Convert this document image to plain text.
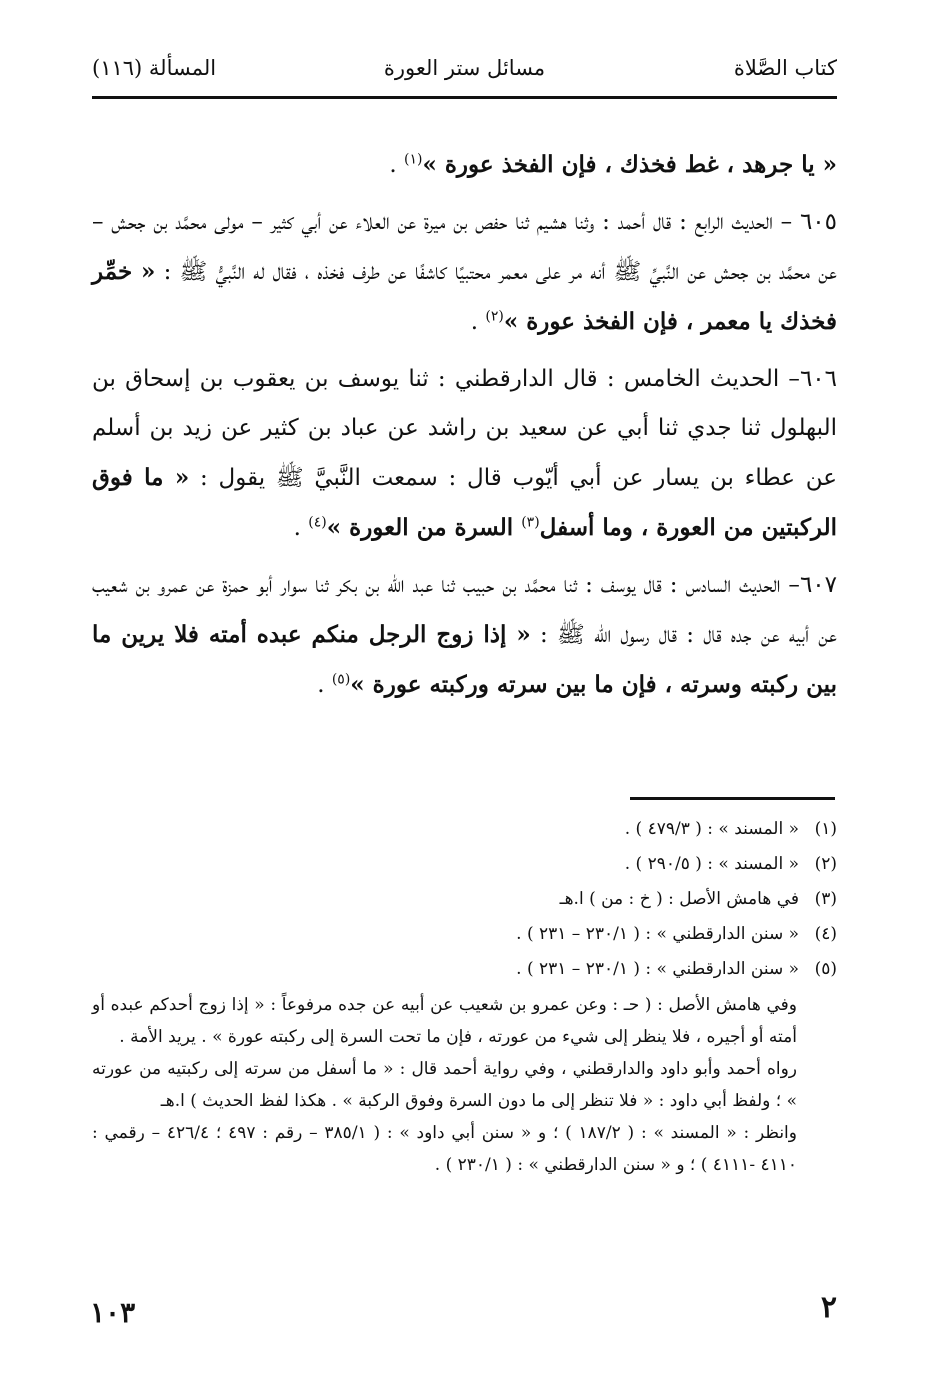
كتاب الصَّلاة
مسائل ستر العورة
المسألة (١١٦)

« يا جرهد ، غط فخذك ، فإن الفخذ عورة »$^{(١)}$ .

٦٠٥ – الحديث الرابع : قال أحمد : وثنا هشيم ثنا حفص بن ميرة عن العلاء عن أبي كثير – مولى محمَّد بن جحش – عن محمَّد بن جحش عن النَّبيِّ ﷺ أنه مر على معمر محتبيًا كاشفًا عن طرف فخذه ، فقال له النَّبيُّ ﷺ : « خمِّر فخذك يا معمر ، فإن الفخذ عورة »$^{(٢)}$ .

٦٠٦– الحديث الخامس : قال الدارقطني : ثنا يوسف بن يعقوب بن إسحاق بن البهلول ثنا جدي ثنا أبي عن سعيد بن راشد عن عباد بن كثير عن زيد بن أسلم عن عطاء بن يسار عن أبي أيّوب قال : سمعت النَّبيَّ ﷺ يقول : « ما فوق الركبتين من العورة ، وما أسفل$^{(٣)}$ السرة من العورة »$^{(٤)}$ .

٦٠٧– الحديث السادس : قال يوسف : ثنا محمَّد بن حبيب ثنا عبد الله بن بكر ثنا سوار أبو حمزة عن عمرو بن شعيب عن أبيه عن جده قال : قال رسول الله ﷺ : « إذا زوج الرجل منكم عبده أمته فلا يرين ما بين ركبته وسرته ، فإن ما بين سرته وركبته عورة »$^{(٥)}$ .

(١)
« المسند » : ( ٤٧٩/٣ ) .
(٢)
« المسند » : ( ٢٩٠/٥ ) .
(٣)
في هامش الأصل : ( خ : من ) ا.هـ
(٤)
« سنن الدارقطني » : ( ٢٣٠/١ – ٢٣١ ) .
(٥)
« سنن الدارقطني » : ( ٢٣٠/١ – ٢٣١ ) .

وفي هامش الأصل : ( حـ : وعن عمرو بن شعيب عن أبيه عن جده مرفوعاً : « إذا زوج أحدكم عبده أو أمته أو أجيره ، فلا ينظر إلى شيء من عورته ، فإن ما تحت السرة إلى ركبته عورة » . يريد الأمة .

رواه أحمد وأبو داود والدارقطني ، وفي رواية أحمد قال : « ما أسفل من سرته إلى ركبتيه من عورته » ؛ ولفظ أبي داود : « فلا تنظر إلى ما دون السرة وفوق الركبة » . هكذا لفظ الحديث ) ا.هـ

وانظر : « المسند » : ( ١٨٧/٢ ) ؛ و « سنن أبي داود » : ( ٣٨٥/١ – رقم : ٤٩٧ ؛ ٤٢٦/٤ – رقمي : ٤١١٠ -٤١١١ ) ؛ و « سنن الدارقطني » : ( ٢٣٠/١ ) .

٢
١٠٣
